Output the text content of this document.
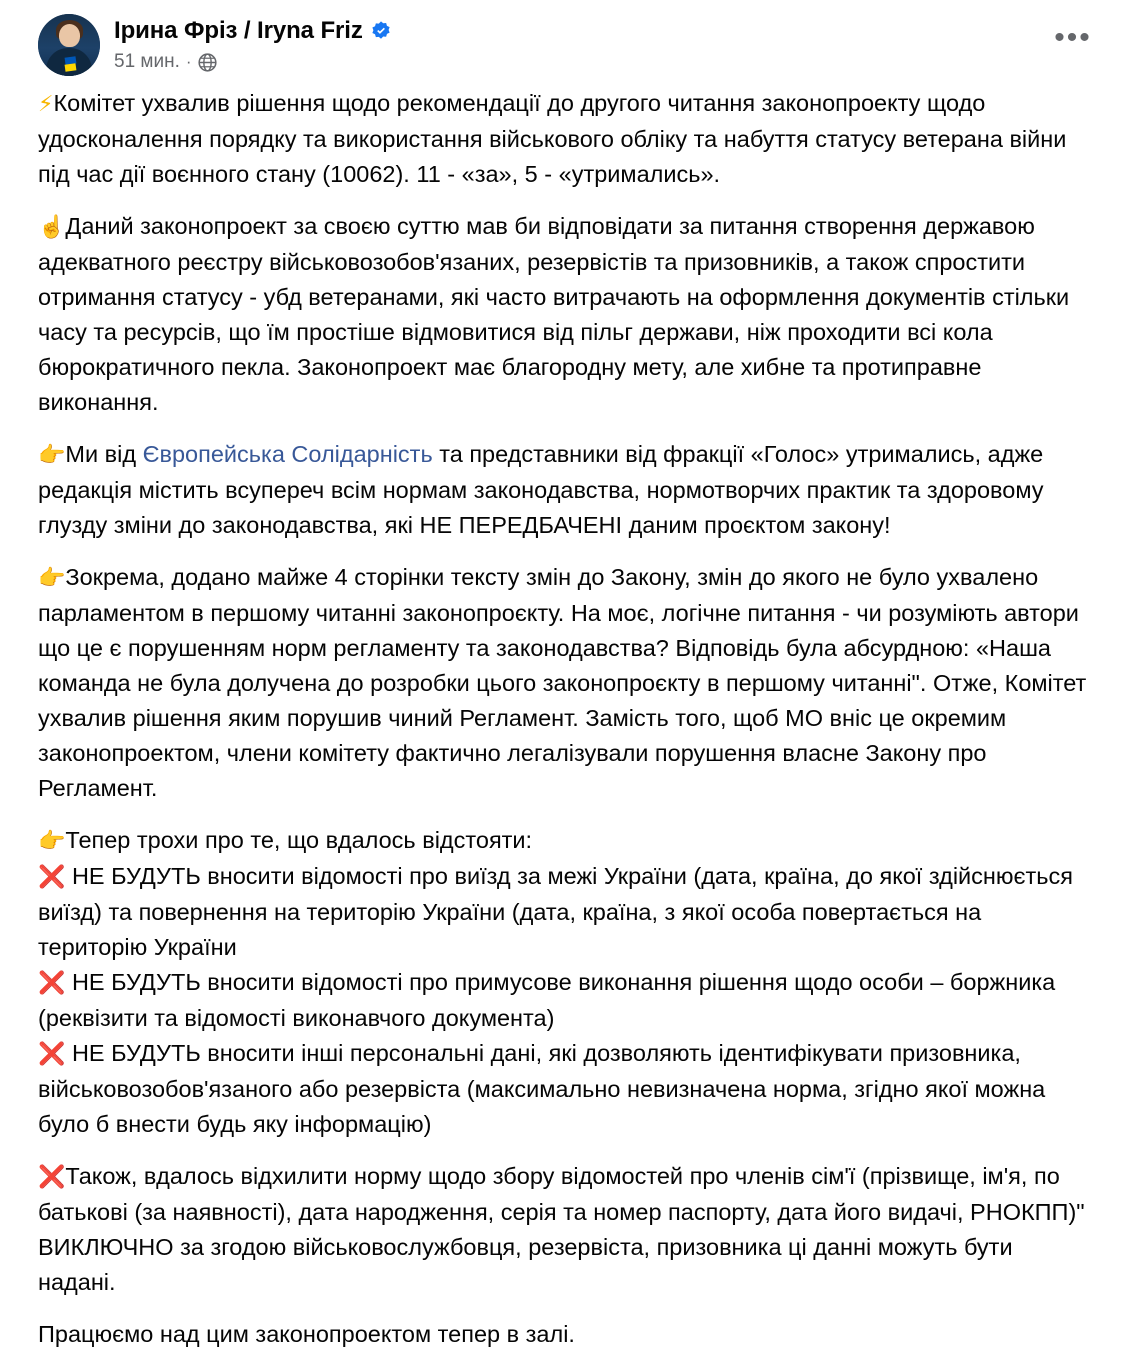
Ірина Фріз / Iryna Friz
51 мин. ·
•••

⚡Комітет ухвалив рішення щодо рекомендації до другого читання законопроекту щодо удосконалення порядку та використання військового обліку та набуття статусу ветерана війни під час дії воєнного стану (10062). 11 - «за», 5 - «утримались».

☝️Даний законопроект за своєю суттю мав би відповідати за питання створення державою адекватного реєстру військовозобов'язаних, резервістів та призовників, а також спростити отримання статусу - убд ветеранами, які часто витрачають на оформлення документів стільки часу та ресурсів, що їм простіше відмовитися від пільг держави, ніж проходити всі кола бюрократичного пекла. Законопроект має благородну мету, але хибне та протиправне виконання.

👉Ми від Європейська Солідарність та представники від фракції «Голос» утримались, адже редакція містить всупереч всім нормам законодавства, нормотворчих практик та здоровому глузду зміни до законодавства, які НЕ ПЕРЕДБАЧЕНІ даним проєктом закону!

👉Зокрема, додано майже 4 сторінки тексту змін до Закону, змін до якого не було ухвалено парламентом в першому читанні законопроєкту. На моє, логічне питання - чи розуміють автори що це є порушенням норм регламенту та законодавства? Відповідь була абсурдною: «Наша команда не була долучена до розробки цього законопроєкту в першому читанні". Отже, Комітет ухвалив рішення яким порушив чиний Регламент. Замість того, щоб МО вніс це окремим законопроектом, члени комітету фактично легалізували порушення власне Закону про Регламент.

👉Тепер трохи про те, що вдалось відстояти:
❌ НЕ БУДУТЬ вносити відомості про виїзд за межі України (дата, країна, до якої здійснюється виїзд) та повернення на територію України (дата, країна, з якої особа повертається на територію України
❌ НЕ БУДУТЬ вносити відомості про примусове виконання рішення щодо особи – боржника (реквізити та відомості виконавчого документа)
❌ НЕ БУДУТЬ вносити інші персональні дані, які дозволяють ідентифікувати призовника, військовозобов'язаного або резервіста (максимально невизначена норма, згідно якої можна було б внести будь яку інформацію)

❌Також, вдалось відхилити норму щодо збору відомостей про членів сім'ї (прізвище, ім'я, по батькові (за наявності), дата народження, серія та номер паспорту, дата його видачі, РНОКПП)" ВИКЛЮЧНО за згодою військовослужбовця, резервіста, призовника ці данні можуть бути надані.

Працюємо над цим законопроектом тепер в залі.
